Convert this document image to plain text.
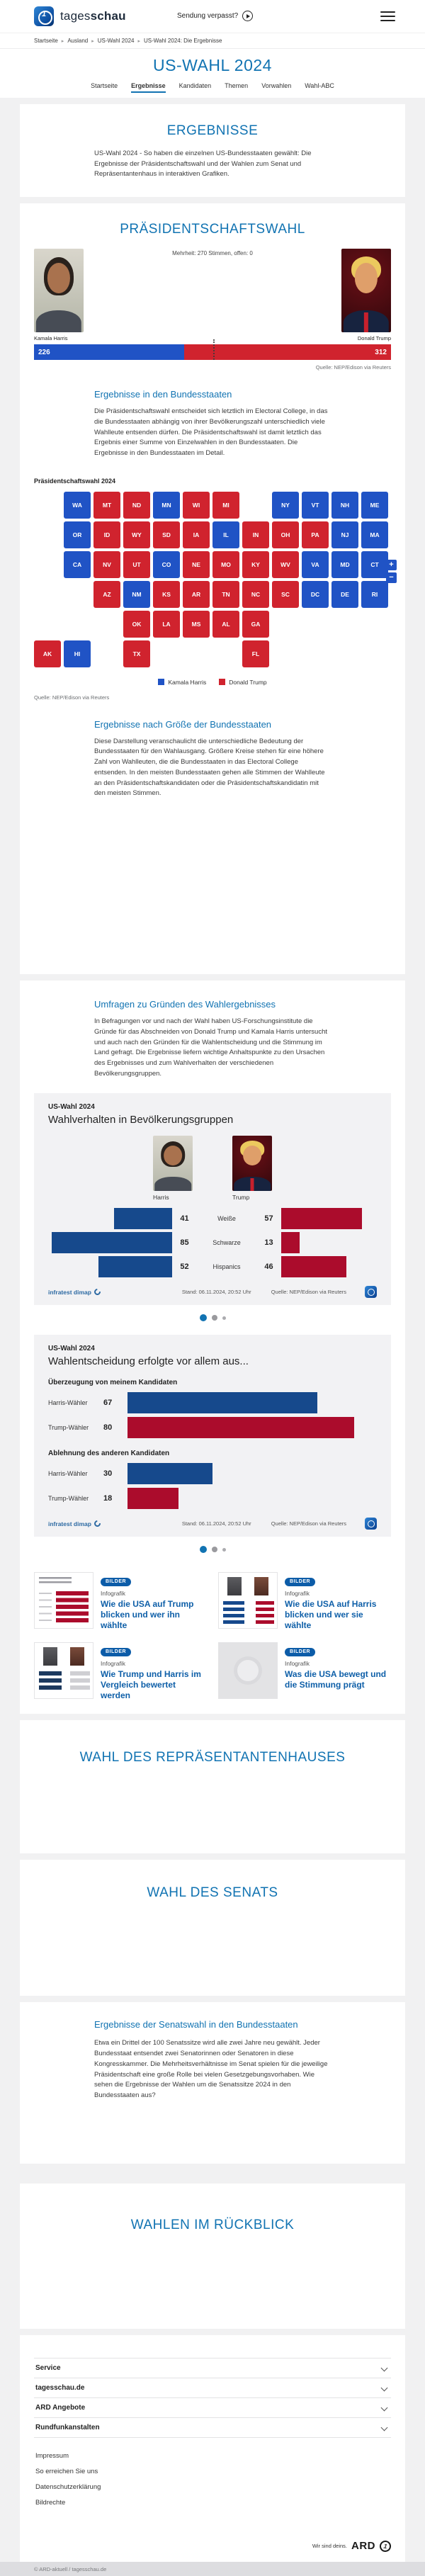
1
tagesschau	Sendung verpasst?
Startseite ▸	Ausland ▸	US-Wahl 2024 ▸	US-Wahl 2024: Die Ergebnisse
US-WAHL 2024
Startseite Ergebnisse Kandidaten Themen Vorwahlen Wahl-ABC
ERGEBNISSE

US-Wahl 2024 - So haben die einzelnen US-Bundesstaaten gewählt: Die Ergebnisse der Präsidentschaftswahl und der Wahlen zum Senat und Repräsentantenhaus in interaktiven Grafiken.

PRÄSIDENTSCHAFTSWAHL
Mehrheit: 270 Stimmen, offen: 0
Kamala Harris	Donald Trump
226	312
Quelle: NEP/Edison via Reuters
Ergebnisse in den Bundesstaaten

Die Präsidentschaftswahl entscheidet sich letztlich im Electoral College, in das die Bundesstaaten abhängig von ihrer Bevölkerungszahl unterschiedlich viele Wahlleute entsenden dürfen. Die Präsidentschaftswahl ist damit letztlich das Ergebnis einer Summe von Einzelwahlen in den Bundesstaaten. Die Ergebnisse in den Bundesstaaten im Detail.

Präsidentschaftswahl 2024
+
−
WA	MT	ND	MN	WI	MI	NY	VT	NH	ME
OR	ID	WY	SD	IA	IL	IN	OH	PA	NJ	MA
CA	NV	UT	CO	NE	MO	KY	WV	VA	MD	CT
AZ	NM	KS	AR	TN	NC	SC	DC	DE	RI
OK	LA	MS	AL	GA
AK	HI	TX	FL
Kamala Harris	Donald Trump
Quelle: NEP/Edison via Reuters
Ergebnisse nach Größe der Bundesstaaten

Diese Darstellung veranschaulicht die unterschiedliche Bedeutung der Bundesstaaten für den Wahlausgang. Größere Kreise stehen für eine höhere Zahl von Wahlleuten, die die Bundesstaaten in das Electoral College entsenden. In den meisten Bundesstaaten gehen alle Stimmen der Wahlleute an den Präsidentschaftskandidaten oder die Präsidentschaftskandidatin mit den meisten Stimmen.

Umfragen zu Gründen des Wahlergebnisses

In Befragungen vor und nach der Wahl haben US-Forschungsinstitute die Gründe für das Abschneiden von Donald Trump und Kamala Harris untersucht und auch nach den Gründen für die Wahlentscheidung und die Stimmung im Land gefragt. Die Ergebnisse liefern wichtige Anhaltspunkte zu den Ursachen des Ergebnisses und zum Wahlverhalten der verschiedenen Bevölkerungsgruppen.

US-Wahl 2024
Wahlverhalten in Bevölkerungsgruppen
Harris	Trump
41	Weiße	57
85	Schwarze	13
52	Hispanics	46
infratest dimap	Stand: 06.11.2024, 20:52 Uhr	Quelle: NEP/Edison via Reuters
US-Wahl 2024
Wahlentscheidung erfolgte vor allem aus...
Überzeugung von meinem Kandidaten
Harris-Wähler	67
Trump-Wähler	80
Ablehnung des anderen Kandidaten
Harris-Wähler	30
Trump-Wähler	18
infratest dimap	Stand: 06.11.2024, 20:52 Uhr	Quelle: NEP/Edison via Reuters
BILDER
Infografik
Wie die USA auf Trump blicken und wer ihn wählte
BILDER
Infografik
Wie die USA auf Harris blicken und wer sie wählte
BILDER
Infografik
Wie Trump und Harris im Vergleich bewertet werden
BILDER
Infografik
Was die USA bewegt und die Stimmung prägt
WAHL DES REPRÄSENTANTENHAUSES
WAHL DES SENATS
Ergebnisse der Senatswahl in den Bundesstaaten

Etwa ein Drittel der 100 Senatssitze wird alle zwei Jahre neu gewählt. Jeder Bundesstaat entsendet zwei Senatorinnen oder Senatoren in diese Kongresskammer. Die Mehrheitsverhältnisse im Senat spielen für die jeweilige Präsidentschaft eine große Rolle bei vielen Gesetzgebungsvorhaben. Wie sehen die Ergebnisse der Wahlen um die Senatssitze 2024 in den Bundesstaaten aus?

WAHLEN IM RÜCKBLICK
Service
tagesschau.de
ARD Angebote
Rundfunkanstalten
Impressum
So erreichen Sie uns
Datenschutzerklärung
Bildrechte
Wir sind deins. ARD	1
© ARD-aktuell / tagesschau.de
